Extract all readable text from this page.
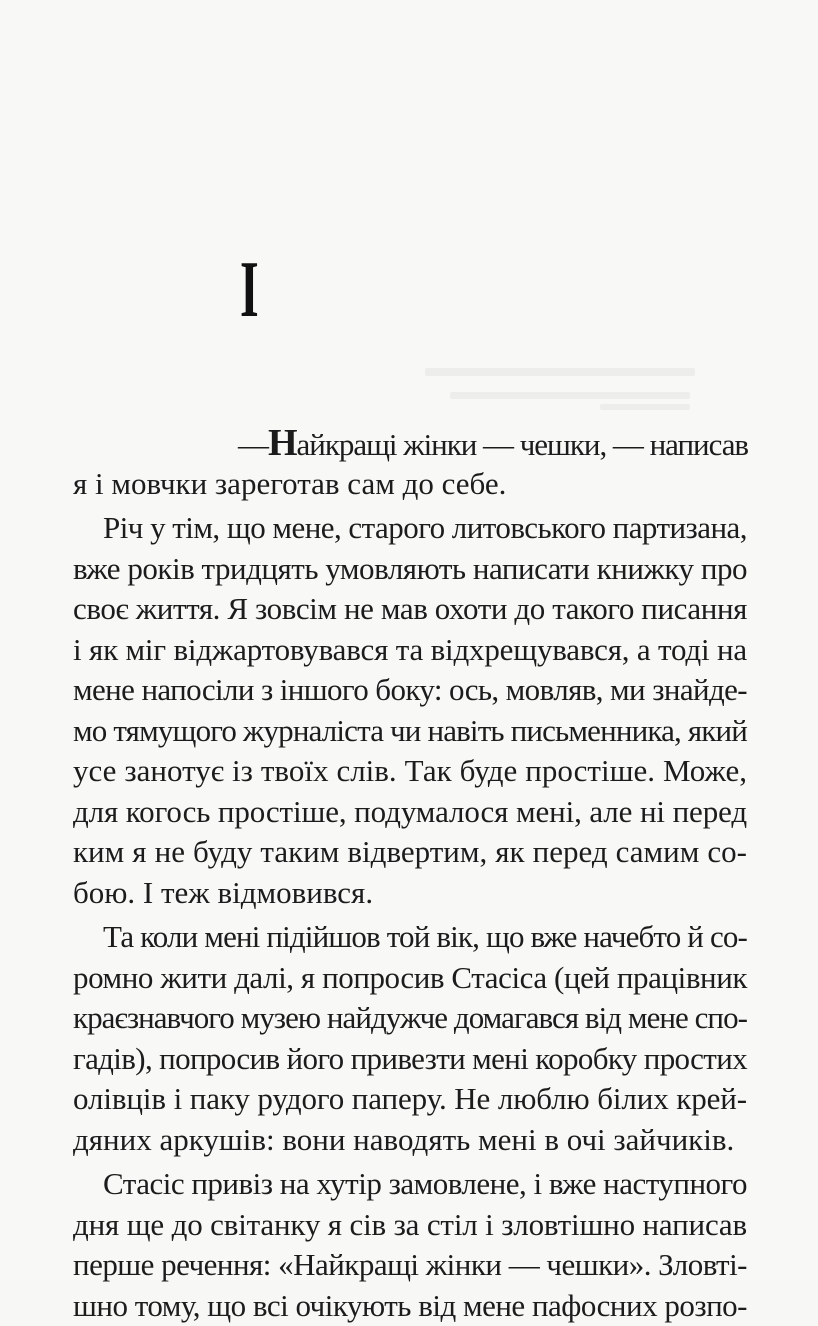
I
—Найкращі жінки — чешки, — написав
я і мовчки зареготав сам до себе.
Річ у тім, що мене, старого литовського партизана,
вже років тридцять умовляють написати книжку про
своє життя. Я зовсім не мав охоти до такого писання
і як міг віджартовувався та відхрещувався, а тоді на
мене напосіли з іншого боку: ось, мовляв, ми знайде-
мо тямущого журналіста чи навіть письменника, який
усе занотує із твоїх слів. Так буде простіше. Може,
для когось простіше, подумалося мені, але ні перед
ким я не буду таким відвертим, як перед самим со-
бою. І теж відмовився.
Та коли мені підійшов той вік, що вже начебто й со-
ромно жити далі, я попросив Стасіса (цей працівник
краєзнавчого музею найдужче домагався від мене спо-
гадів), попросив його привезти мені коробку простих
олівців і паку рудого паперу. Не люблю білих крей-
дяних аркушів: вони наводять мені в очі зайчиків.
Стасіс привіз на хутір замовлене, і вже наступного
дня ще до світанку я сів за стіл і зловтішно написав
перше речення: «Найкращі жінки — чешки». Зловті-
шно тому, що всі очікують від мене пафосних розпо-
